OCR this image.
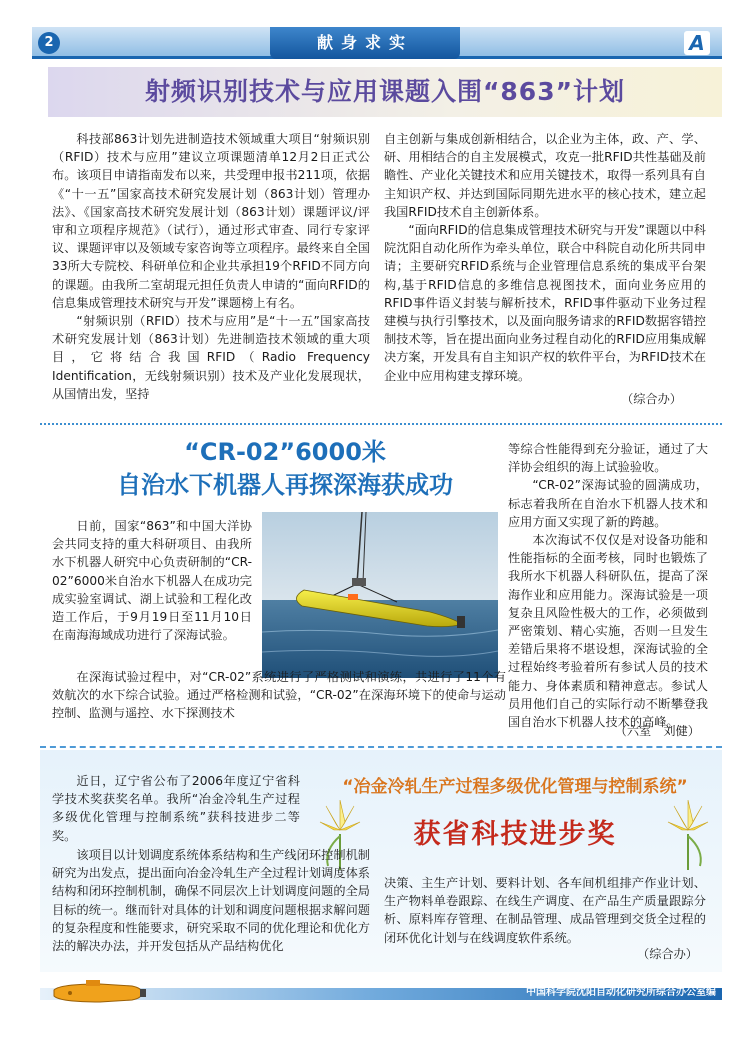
2	献身求实	A
射频识别技术与应用课题入围“863”计划

科技部863计划先进制造技术领域重大项目“射频识别（RFID）技术与应用”建议立项课题清单12月2日正式公布。该项目申请指南发布以来，共受理申报书211项，依据《“十一五”国家高技术研究发展计划（863计划）管理办法》、《国家高技术研究发展计划（863计划）课题评议/评审和立项程序规范》（试行），通过形式审查、同行专家评议、课题评审以及领域专家咨询等立项程序。最终来自全国33所大专院校、科研单位和企业共承担19个RFID不同方向的课题。由我所二室胡琨元担任负责人申请的“面向RFID的信息集成管理技术研究与开发”课题榜上有名。

“射频识别（RFID）技术与应用”是“十一五”国家高技术研究发展计划（863计划）先进制造技术领域的重大项目，它将结合我国RFID（Radio Frequency Identification，无线射频识别）技术及产业化发展现状，从国情出发，坚持

自主创新与集成创新相结合，以企业为主体，政、产、学、研、用相结合的自主发展模式，攻克一批RFID共性基础及前瞻性、产业化关键技术和应用关键技术，取得一系列具有自主知识产权、并达到国际同期先进水平的核心技术，建立起我国RFID技术自主创新体系。

“面向RFID的信息集成管理技术研究与开发”课题以中科院沈阳自动化所作为牵头单位，联合中科院自动化所共同申请；主要研究RFID系统与企业管理信息系统的集成平台架构,基于RFID信息的多维信息视图技术，面向业务应用的RFID事件语义封装与解析技术，RFID事件驱动下业务过程建模与执行引擎技术，以及面向服务请求的RFID数据容错控制技术等，旨在提出面向业务过程自动化的RFID应用集成解决方案，开发具有自主知识产权的软件平台，为RFID技术在企业中应用构建支撑环境。

（综合办）
“CR-02”6000米
自治水下机器人再探深海获成功

日前，国家“863”和中国大洋协会共同支持的重大科研项目、由我所水下机器人研究中心负责研制的“CR-02”6000米自治水下机器人在成功完成实验室调试、湖上试验和工程化改造工作后，于9月19日至11月10日在南海海域成功进行了深海试验。

在深海试验过程中，对“CR-02”系统进行了严格测试和演练，共进行了11个有效航次的水下综合试验。通过严格检测和试验，“CR-02”在深海环境下的使命与运动控制、监测与遥控、水下探测技术

等综合性能得到充分验证，通过了大洋协会组织的海上试验验收。

“CR-02”深海试验的圆满成功，标志着我所在自治水下机器人技术和应用方面又实现了新的跨越。

本次海试不仅仅是对设备功能和性能指标的全面考核，同时也锻炼了我所水下机器人科研队伍，提高了深海作业和应用能力。深海试验是一项复杂且风险性极大的工作，必须做到严密策划、精心实施，否则一旦发生差错后果将不堪设想，深海试验的全过程始终考验着所有参试人员的技术能力、身体素质和精神意志。参试人员用他们自己的实际行动不断攀登我国自治水下机器人技术的高峰。

（六室　刘健）
“冶金冷轧生产过程多级优化管理与控制系统”
获省科技进步奖

近日，辽宁省公布了2006年度辽宁省科学技术奖获奖名单。我所“冶金冷轧生产过程多级优化管理与控制系统”获科技进步二等奖。

该项目以计划调度系统体系结构和生产线闭环控制机制研究为出发点，提出面向冶金冷轧生产全过程计划调度体系结构和闭环控制机制，确保不同层次上计划调度问题的全局目标的统一。继而针对具体的计划和调度问题根据求解问题的复杂程度和性能要求，研究采取不同的优化理论和优化方法的解决办法，并开发包括从产品结构优化

决策、主生产计划、要料计划、各车间机组排产作业计划、生产物料单卷跟踪、在线生产调度、在产品生产质量跟踪分析、原料库存管理、在制品管理、成品管理到交货全过程的闭环优化计划与在线调度软件系统。

（综合办）
中国科学院沈阳自动化研究所综合办公室编
